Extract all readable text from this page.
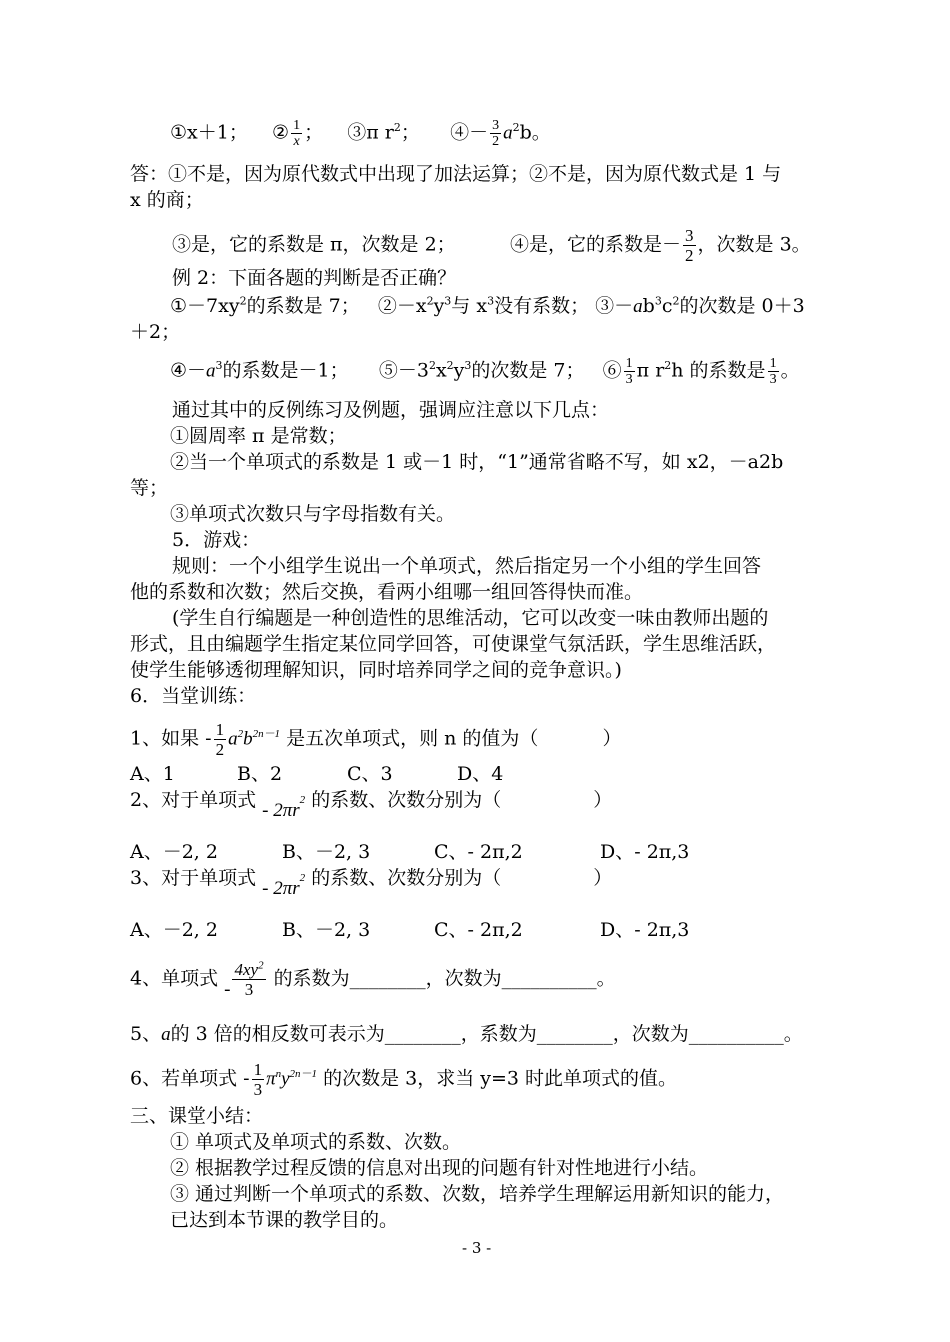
①x＋1； ② $\frac{1}{x}$ ； ③π $r^2$； ④－ $\frac{3}{2} a^2b$。
答：①不是，因为原代数式中出现了加法运算；②不是，因为原代数式是 1 与
x 的商；
③是，它的系数是 π，次数是 2；	④是，它的系数是－ $\frac{3}{2}$ ，次数是 3。
例 2：下面各题的判断是否正确？
$①-7xy^2$的系数是 7； $②-x^2y^3$与 $x^3$没有系数； $③-ab^3c^2$的次数是 0＋3
＋2；
$④-a^3$的系数是－1； $⑤-3^2x^2y^3$的次数是 7； ⑥ $\frac{1}{3}$ π $r^2h$ 的系数是 $\frac{1}{3}$ 。
通过其中的反例练习及例题，强调应注意以下几点：
①圆周率 π 是常数；
②当一个单项式的系数是 1 或－1 时，“1”通常省略不写，如 x2，－a2b
等；
③单项式次数只与字母指数有关。
5．游戏：
规则：一个小组学生说出一个单项式，然后指定另一个小组的学生回答
他的系数和次数；然后交换，看两小组哪一组回答得快而准。
(学生自行编题是一种创造性的思维活动，它可以改变一味由教师出题的
形式，且由编题学生指定某位同学回答，可使课堂气氛活跃，学生思维活跃，
使学生能够透彻理解知识，同时培养同学之间的竞争意识。)
6．当堂训练：
1、如果 - $\frac{1}{2} a^2b^{2n-1}$ 是五次单项式，则 n 的值为（	）
A、1	B、2	C、3	D、4
2、对于单项式 - $2\pi r^2$ 的系数、次数分别为（	）
A、－2, 2	B、－2, 3	C、- 2π,2	D、- 2π,3
3、对于单项式 - $2\pi r^2$ 的系数、次数分别为（	）
A、－2, 2	B、－2, 3	C、- 2π,2	D、- 2π,3
4、单项式 - $\frac{4xy^2}{3}$ 的系数为________，次数为__________。
5、a的 3 倍的相反数可表示为________，系数为________，次数为__________。
6、若单项式 - $\frac{1}{3} \pi^ny^{2n-1}$ 的次数是 3，求当 y=3 时此单项式的值。
三、课堂小结：
① 单项式及单项式的系数、次数。
② 根据教学过程反馈的信息对出现的问题有针对性地进行小结。
③ 通过判断一个单项式的系数、次数，培养学生理解运用新知识的能力，
已达到本节课的教学目的。
- 3 -
